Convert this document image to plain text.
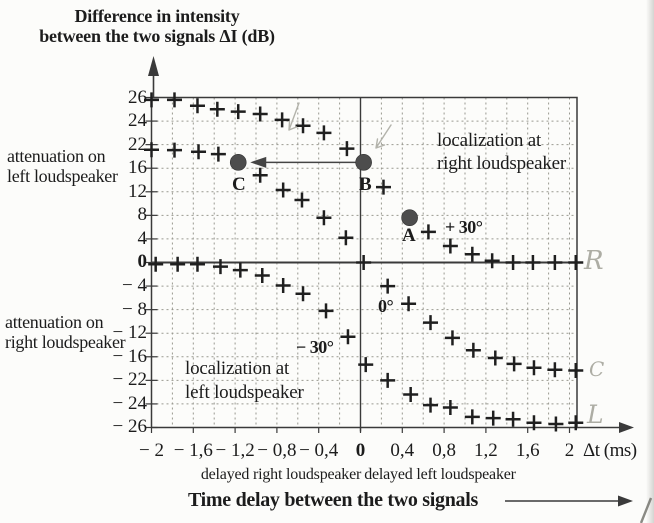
Difference in intensity
between the two signals ΔI (dB)
attenuation on
left loudspeaker
attenuation on
right loudspeaker
localization at
right loudspeaker
localization at
left loudspeaker
+ 30°
0°
− 30°
A
B
C
R
C
L
Δt (ms)
delayed right loudspeaker delayed left loudspeaker
Time delay between the two signals
26
24
22
16
12
8
4
0
− 4
− 8
− 12
− 16
− 22
− 24
− 26
− 2 − 1,6 − 1,2 − 0,8 − 0,4 0 0,4 0,8 1,2 1,6 2
